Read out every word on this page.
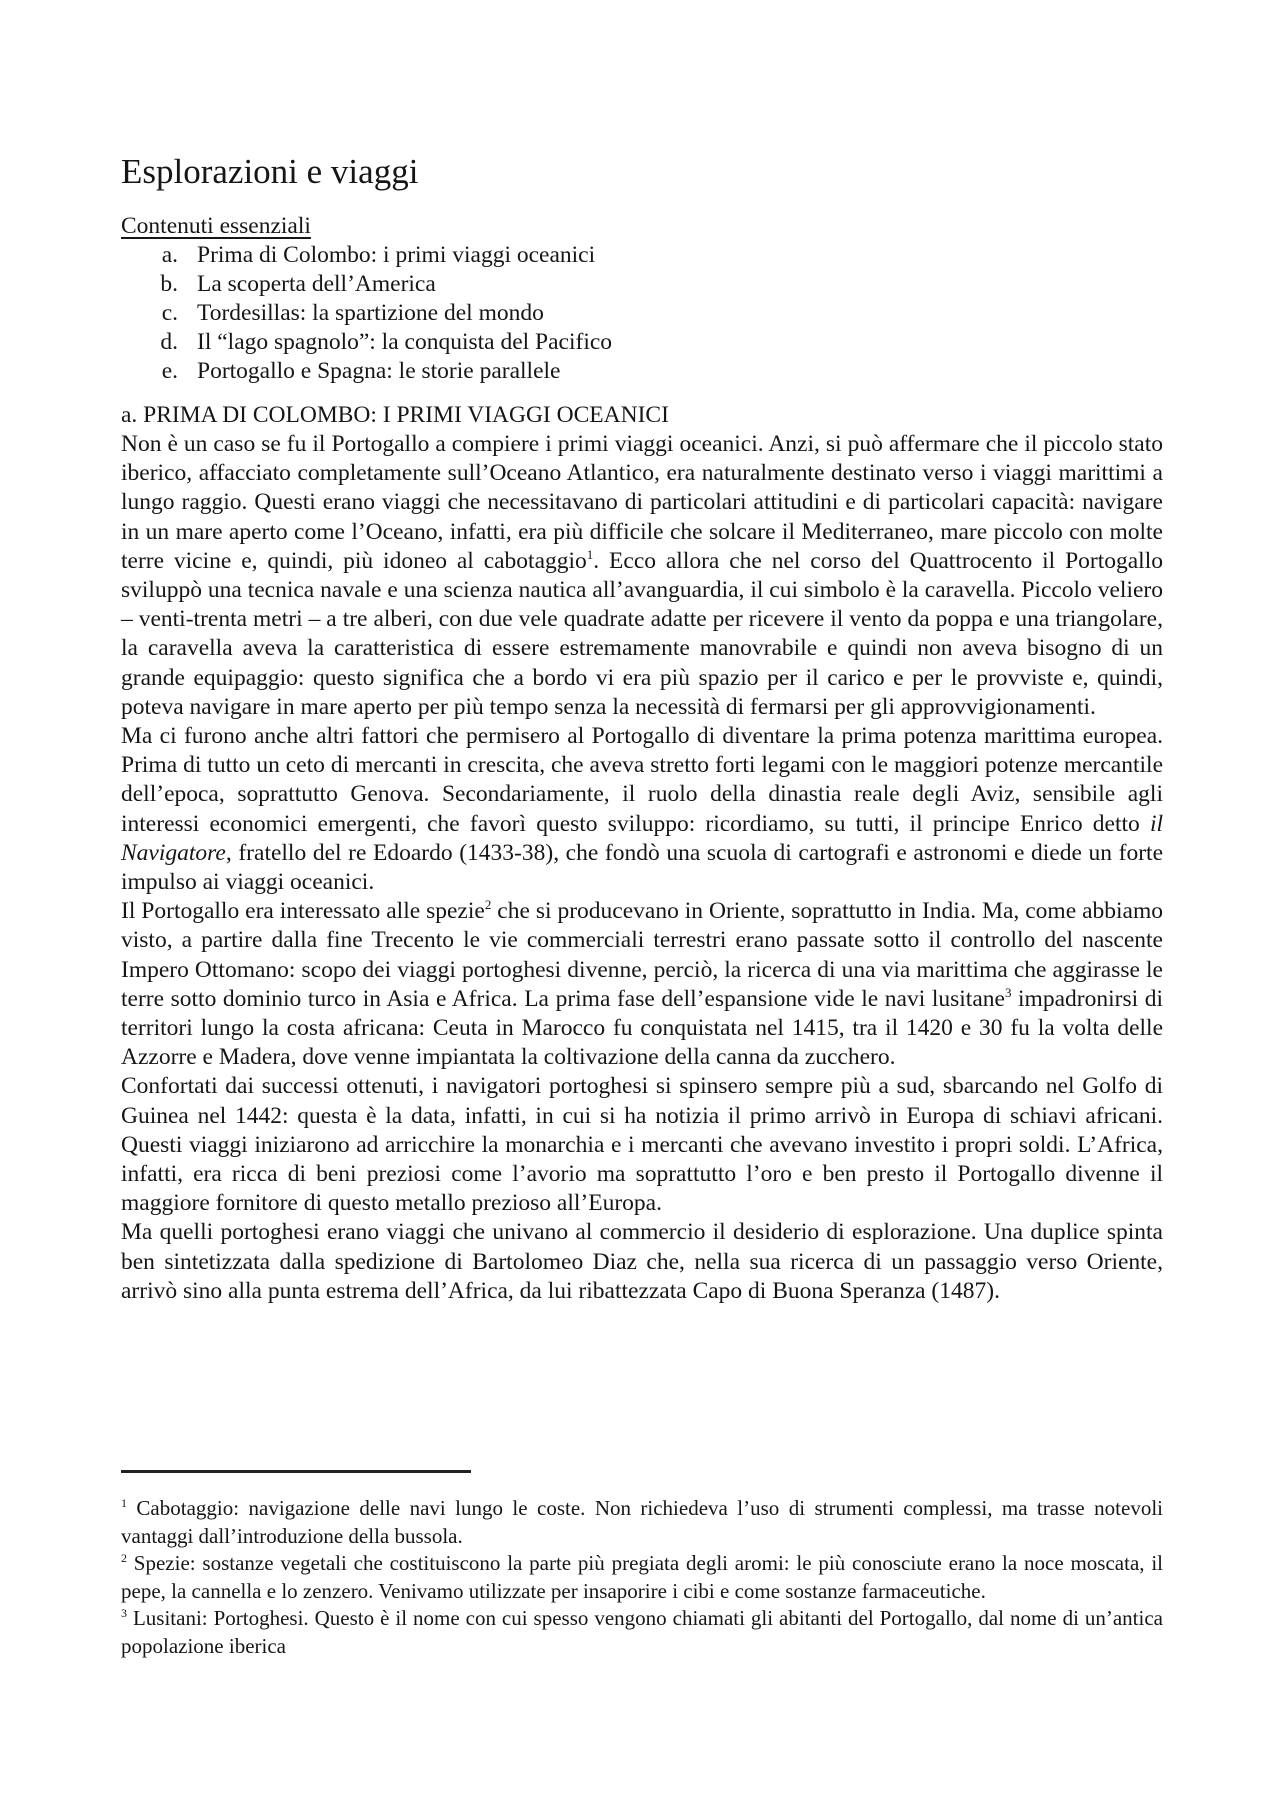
Esplorazioni e viaggi

Contenuti essenziali

a. Prima di Colombo: i primi viaggi oceanici
b. La scoperta dell’America
c. Tordesillas: la spartizione del mondo
d. Il “lago spagnolo”: la conquista del Pacifico
e. Portogallo e Spagna: le storie parallele
a. PRIMA DI COLOMBO: I PRIMI VIAGGI OCEANICI

Non è un caso se fu il Portogallo a compiere i primi viaggi oceanici. Anzi, si può affermare che il piccolo stato iberico, affacciato completamente sull’Oceano Atlantico, era naturalmente destinato verso i viaggi marittimi a lungo raggio. Questi erano viaggi che necessitavano di particolari attitudini e di particolari capacità: navigare in un mare aperto come l’Oceano, infatti, era più difficile che solcare il Mediterraneo, mare piccolo con molte terre vicine e, quindi, più idoneo al cabotaggio$^1$. Ecco allora che nel corso del Quattrocento il Portogallo sviluppò una tecnica navale e una scienza nautica all’avanguardia, il cui simbolo è la caravella. Piccolo veliero – venti-trenta metri – a tre alberi, con due vele quadrate adatte per ricevere il vento da poppa e una triangolare, la caravella aveva la caratteristica di essere estremamente manovrabile e quindi non aveva bisogno di un grande equipaggio: questo significa che a bordo vi era più spazio per il carico e per le provviste e, quindi, poteva navigare in mare aperto per più tempo senza la necessità di fermarsi per gli approvvigionamenti.

Ma ci furono anche altri fattori che permisero al Portogallo di diventare la prima potenza marittima europea. Prima di tutto un ceto di mercanti in crescita, che aveva stretto forti legami con le maggiori potenze mercantile dell’epoca, soprattutto Genova. Secondariamente, il ruolo della dinastia reale degli Aviz, sensibile agli interessi economici emergenti, che favorì questo sviluppo: ricordiamo, su tutti, il principe Enrico detto il Navigatore, fratello del re Edoardo (1433-38), che fondò una scuola di cartografi e astronomi e diede un forte impulso ai viaggi oceanici.

Il Portogallo era interessato alle spezie$^2$ che si producevano in Oriente, soprattutto in India. Ma, come abbiamo visto, a partire dalla fine Trecento le vie commerciali terrestri erano passate sotto il controllo del nascente Impero Ottomano: scopo dei viaggi portoghesi divenne, perciò, la ricerca di una via marittima che aggirasse le terre sotto dominio turco in Asia e Africa. La prima fase dell’espansione vide le navi lusitane$^3$ impadronirsi di territori lungo la costa africana: Ceuta in Marocco fu conquistata nel 1415, tra il 1420 e 30 fu la volta delle Azzorre e Madera, dove venne impiantata la coltivazione della canna da zucchero.

Confortati dai successi ottenuti, i navigatori portoghesi si spinsero sempre più a sud, sbarcando nel Golfo di Guinea nel 1442: questa è la data, infatti, in cui si ha notizia il primo arrivò in Europa di schiavi africani. Questi viaggi iniziarono ad arricchire la monarchia e i mercanti che avevano investito i propri soldi. L’Africa, infatti, era ricca di beni preziosi come l’avorio ma soprattutto l’oro e ben presto il Portogallo divenne il maggiore fornitore di questo metallo prezioso all’Europa.

Ma quelli portoghesi erano viaggi che univano al commercio il desiderio di esplorazione. Una duplice spinta ben sintetizzata dalla spedizione di Bartolomeo Diaz che, nella sua ricerca di un passaggio verso Oriente, arrivò sino alla punta estrema dell’Africa, da lui ribattezzata Capo di Buona Speranza (1487).

$^1$ Cabotaggio: navigazione delle navi lungo le coste. Non richiedeva l’uso di strumenti complessi, ma trasse notevoli vantaggi dall’introduzione della bussola.

$^2$ Spezie: sostanze vegetali che costituiscono la parte più pregiata degli aromi: le più conosciute erano la noce moscata, il pepe, la cannella e lo zenzero. Venivamo utilizzate per insaporire i cibi e come sostanze farmaceutiche.

$^3$ Lusitani: Portoghesi. Questo è il nome con cui spesso vengono chiamati gli abitanti del Portogallo, dal nome di un’antica popolazione iberica
